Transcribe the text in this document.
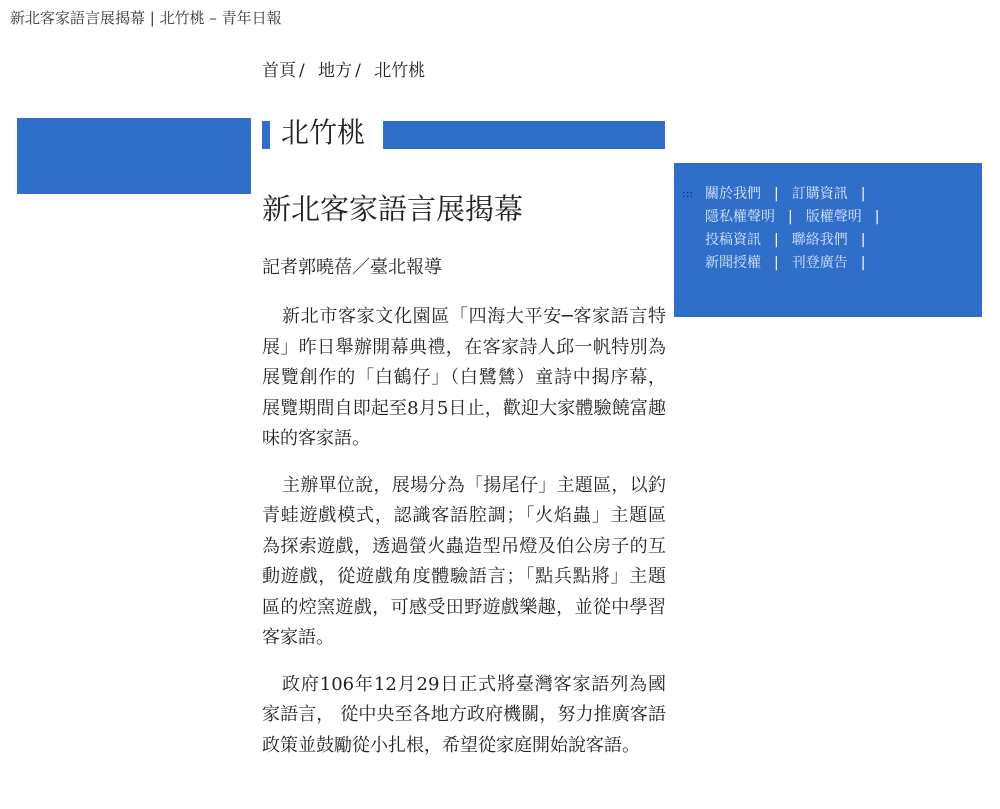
新北客家語言展揭幕 | 北竹桃 – 青年日報
首頁 / 地方 / 北竹桃
北竹桃
新北客家語言展揭幕
記者郭曉蓓／臺北報導

新北市客家文化園區「四海大平安─客家語言特展」昨日舉辦開幕典禮，在客家詩人邱一帆特別為展覽創作的「白鶴仔」（白鷺鷥）童詩中揭序幕，展覽期間自即起至8月5日止，歡迎大家體驗饒富趣味的客家語。

主辦單位說，展場分為「揚尾仔」主題區，以釣青蛙遊戲模式，認識客語腔調；「火焰蟲」主題區為探索遊戲，透過螢火蟲造型吊燈及伯公房子的互動遊戲，從遊戲角度體驗語言；「點兵點將」主題區的焢窯遊戲，可感受田野遊戲樂趣，並從中學習客家語。

政府106年12月29日正式將臺灣客家語列為國家語言， 從中央至各地方政府機關，努力推廣客語政策並鼓勵從小扎根，希望從家庭開始說客語。

::: 關於我們 | 訂購資訊 |
隱私權聲明 | 版權聲明 |
投稿資訊 | 聯絡我們 |
新聞授權 | 刊登廣告 |
